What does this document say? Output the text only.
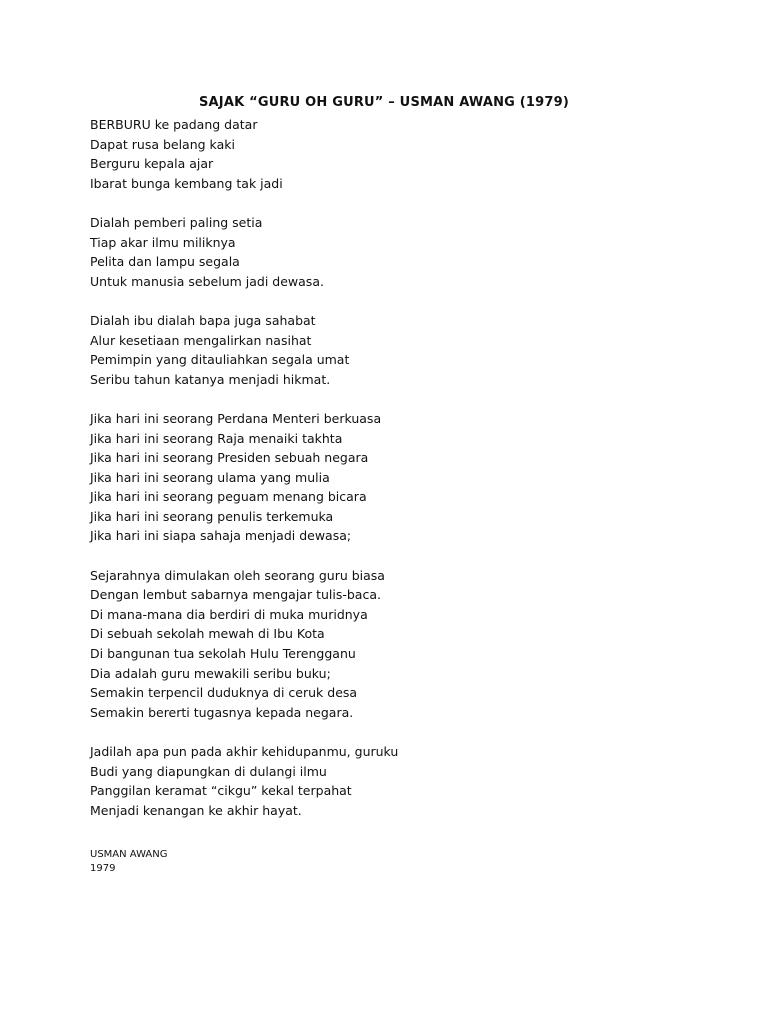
SAJAK “GURU OH GURU” – USMAN AWANG (1979)
BERBURU ke padang datar
Dapat rusa belang kaki
Berguru kepala ajar
Ibarat bunga kembang tak jadi
Dialah pemberi paling setia
Tiap akar ilmu miliknya
Pelita dan lampu segala
Untuk manusia sebelum jadi dewasa.
Dialah ibu dialah bapa juga sahabat
Alur kesetiaan mengalirkan nasihat
Pemimpin yang ditauliahkan segala umat
Seribu tahun katanya menjadi hikmat.
Jika hari ini seorang Perdana Menteri berkuasa
Jika hari ini seorang Raja menaiki takhta
Jika hari ini seorang Presiden sebuah negara
Jika hari ini seorang ulama yang mulia
Jika hari ini seorang peguam menang bicara
Jika hari ini seorang penulis terkemuka
Jika hari ini siapa sahaja menjadi dewasa;
Sejarahnya dimulakan oleh seorang guru biasa
Dengan lembut sabarnya mengajar tulis-baca.
Di mana-mana dia berdiri di muka muridnya
Di sebuah sekolah mewah di Ibu Kota
Di bangunan tua sekolah Hulu Terengganu
Dia adalah guru mewakili seribu buku;
Semakin terpencil duduknya di ceruk desa
Semakin bererti tugasnya kepada negara.
Jadilah apa pun pada akhir kehidupanmu, guruku
Budi yang diapungkan di dulangi ilmu
Panggilan keramat “cikgu” kekal terpahat
Menjadi kenangan ke akhir hayat.
USMAN AWANG
1979
